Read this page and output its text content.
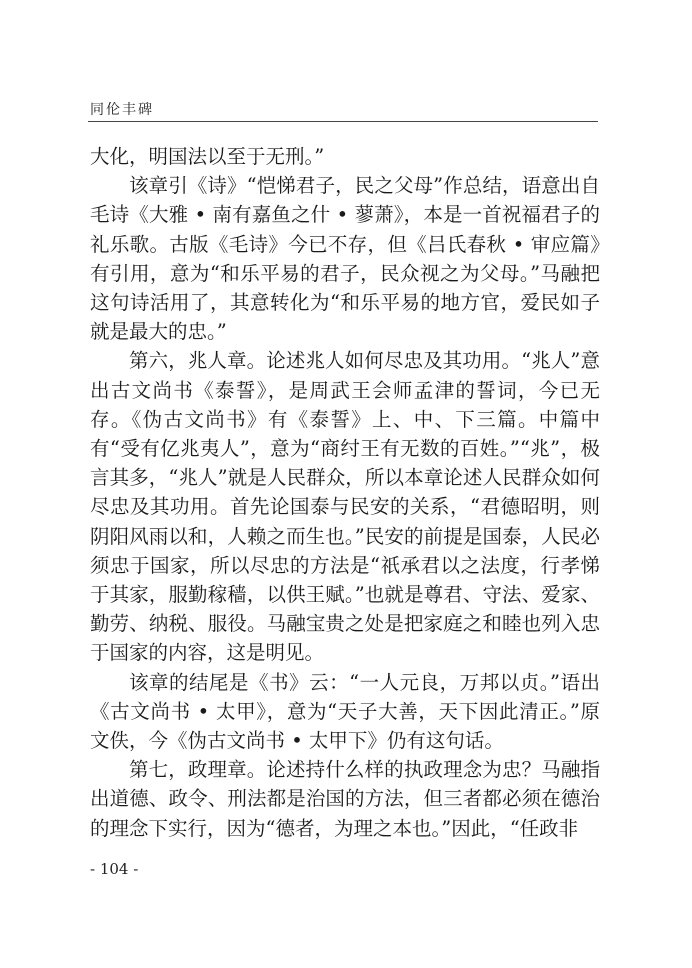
同伦丰碑

大化，明国法以至于无刑。”

该章引《诗》“恺悌君子，民之父母”作总结，语意出自毛诗《大雅 • 南有嘉鱼之什 • 蓼萧》，本是一首祝福君子的礼乐歌。古版《毛诗》今已不存，但《吕氏春秋 • 审应篇》有引用，意为“和乐平易的君子，民众视之为父母。”马融把这句诗活用了，其意转化为“和乐平易的地方官，爱民如子就是最大的忠。”

第六，兆人章。论述兆人如何尽忠及其功用。“兆人”意出古文尚书《泰誓》，是周武王会师孟津的誓词，今已无存。《伪古文尚书》有《泰誓》上、中、下三篇。中篇中有“受有亿兆夷人”，意为“商纣王有无数的百姓。”“兆”，极言其多，“兆人”就是人民群众，所以本章论述人民群众如何尽忠及其功用。首先论国泰与民安的关系，“君德昭明，则阴阳风雨以和，人赖之而生也。”民安的前提是国泰，人民必须忠于国家，所以尽忠的方法是“祇承君以之法度，行孝悌于其家，服勤稼穑，以供王赋。”也就是尊君、守法、爱家、勤劳、纳税、服役。马融宝贵之处是把家庭之和睦也列入忠于国家的内容，这是明见。

该章的结尾是《书》云：“一人元良，万邦以贞。”语出《古文尚书 • 太甲》，意为“天子大善，天下因此清正。”原文佚，今《伪古文尚书 • 太甲下》仍有这句话。

第七，政理章。论述持什么样的执政理念为忠？马融指出道德、政令、刑法都是治国的方法，但三者都必须在德治的理念下实行，因为“德者，为理之本也。”因此，“任政非

- 104 -
